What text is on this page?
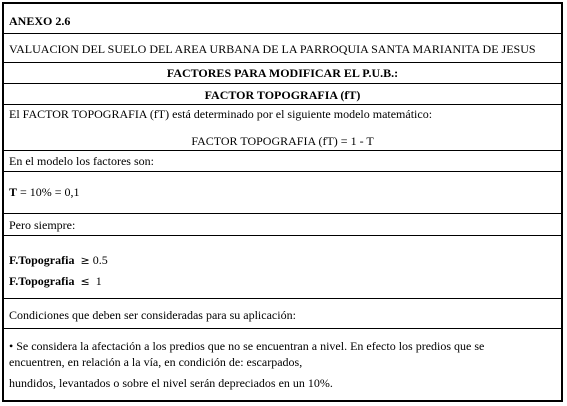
ANEXO 2.6
VALUACION DEL SUELO DEL AREA URBANA DE LA PARROQUIA SANTA MARIANITA DE JESUS
FACTORES PARA MODIFICAR EL P.U.B.:
FACTOR TOPOGRAFIA (fT)
El FACTOR TOPOGRAFIA (fT) está determinado por el siguiente modelo matemático:
FACTOR TOPOGRAFIA (fT) = 1 - T
En el modelo los factores son:
T = 10% = 0,1
Pero siempre:
F.Topografia ≥ 0.5
F.Topografia ≤ 1
Condiciones que deben ser consideradas para su aplicación:
• Se considera la afectación a los predios que no se encuentran a nivel. En efecto los predios que se
encuentren, en relación a la vía, en condición de: escarpados,
hundidos, levantados o sobre el nivel serán depreciados en un 10%.
